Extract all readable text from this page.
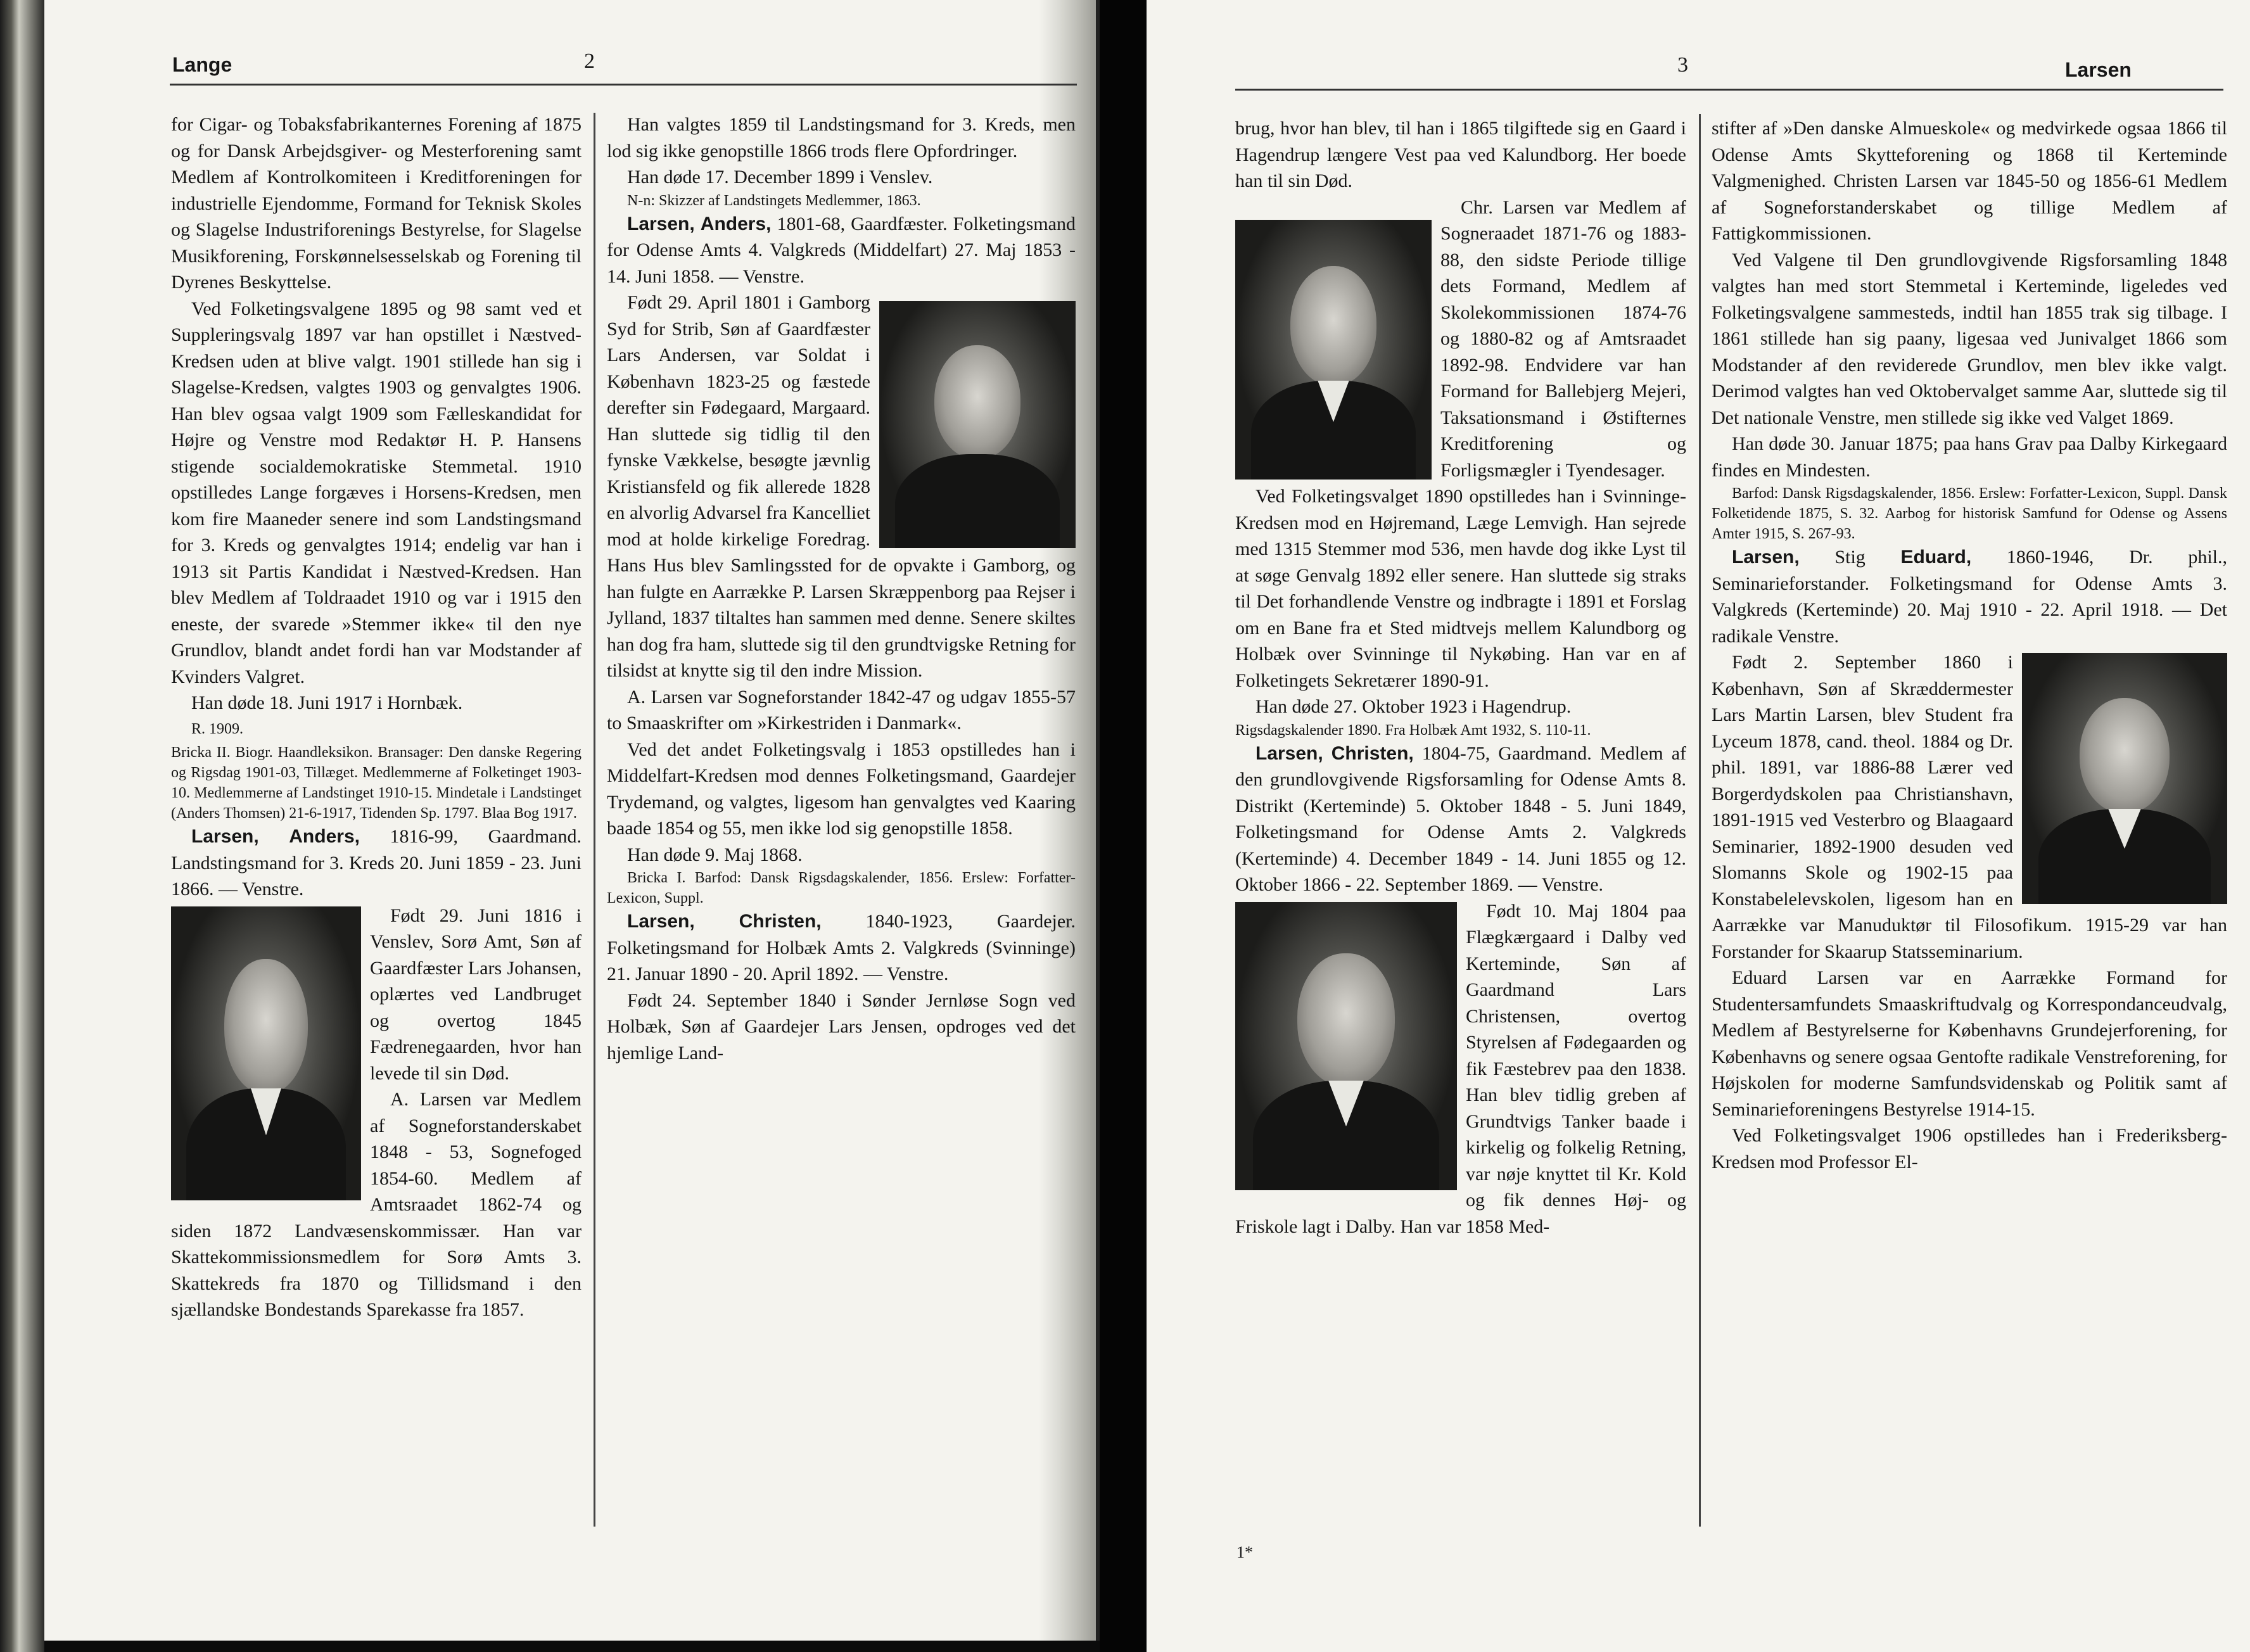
Lange	2

for Cigar- og Tobaksfabrikanternes Forening af 1875 og for Dansk Arbejdsgiver- og Mesterforening samt Medlem af Kontrolkomiteen i Kreditforeningen for industrielle Ejendomme, Formand for Teknisk Skoles og Slagelse Industriforenings Bestyrelse, for Slagelse Musikforening, Forskønnelsesselskab og Forening til Dyrenes Beskyttelse.

Ved Folketingsvalgene 1895 og 98 samt ved et Suppleringsvalg 1897 var han opstillet i Næstved-Kredsen uden at blive valgt. 1901 stillede han sig i Slagelse-Kredsen, valgtes 1903 og genvalgtes 1906. Han blev ogsaa valgt 1909 som Fælleskandidat for Højre og Venstre mod Redaktør H. P. Hansens stigende socialdemokratiske Stemmetal. 1910 opstilledes Lange forgæves i Horsens-Kredsen, men kom fire Maaneder senere ind som Landstingsmand for 3. Kreds og genvalgtes 1914; endelig var han i 1913 sit Partis Kandidat i Næstved-Kredsen. Han blev Medlem af Toldraadet 1910 og var i 1915 den eneste, der svarede »Stemmer ikke« til den nye Grundlov, blandt andet fordi han var Modstander af Kvinders Valgret.

Han døde 18. Juni 1917 i Hornbæk.

R. 1909.

Bricka II. Biogr. Haandleksikon. Bransager: Den danske Regering og Rigsdag 1901-03, Tillæget. Medlemmerne af Folketinget 1903-10. Medlemmerne af Landstinget 1910-15. Mindetale i Landstinget (Anders Thomsen) 21-6-1917, Tidenden Sp. 1797. Blaa Bog 1917.

Larsen, Anders, 1816-99, Gaardmand. Landstingsmand for 3. Kreds 20. Juni 1859 - 23. Juni 1866. — Venstre.

Født 29. Juni 1816 i Venslev, Sorø Amt, Søn af Gaardfæster Lars Johansen, oplærtes ved Landbruget og overtog 1845 Fædrenegaarden, hvor han levede til sin Død.

A. Larsen var Medlem af Sogneforstanderskabet 1848 - 53, Sognefoged 1854-60. Medlem af Amtsraadet 1862-74 og siden 1872 Landvæsenskommissær. Han var Skattekommissionsmedlem for Sorø Amts 3. Skattekreds fra 1870 og Tillidsmand i den sjællandske Bondestands Sparekasse fra 1857.

Han valgtes 1859 til Landstingsmand for 3. Kreds, men lod sig ikke genopstille 1866 trods flere Opfordringer.

Han døde 17. December 1899 i Venslev.

N-n: Skizzer af Landstingets Medlemmer, 1863.

Larsen, Anders, 1801-68, Gaardfæster. Folketingsmand for Odense Amts 4. Valgkreds (Middelfart) 27. Maj 1853 - 14. Juni 1858. — Venstre.

Født 29. April 1801 i Gamborg Syd for Strib, Søn af Gaardfæster Lars Andersen, var Soldat i København 1823-25 og fæstede derefter sin Fødegaard, Margaard. Han sluttede sig tidlig til den fynske Vækkelse, besøgte jævnlig Kristiansfeld og fik allerede 1828 en alvorlig Advarsel fra Kancelliet mod at holde kirkelige Foredrag. Hans Hus blev Samlingssted for de opvakte i Gamborg, og han fulgte en Aarrække P. Larsen Skræppenborg paa Rejser i Jylland, 1837 tiltaltes han sammen med denne. Senere skiltes han dog fra ham, sluttede sig til den grundtvigske Retning for tilsidst at knytte sig til den indre Mission.

A. Larsen var Sogneforstander 1842-47 og udgav 1855-57 to Smaaskrifter om »Kirkestriden i Danmark«.

Ved det andet Folketingsvalg i 1853 opstilledes han i Middelfart-Kredsen mod dennes Folketingsmand, Gaardejer Trydemand, og valgtes, ligesom han genvalgtes ved Kaaring baade 1854 og 55, men ikke lod sig genopstille 1858.

Han døde 9. Maj 1868.

Bricka I. Barfod: Dansk Rigsdagskalender, 1856. Erslew: Forfatter-Lexicon, Suppl.

Larsen, Christen, 1840-1923, Gaardejer. Folketingsmand for Holbæk Amts 2. Valgkreds (Svinninge) 21. Januar 1890 - 20. April 1892. — Venstre.

Født 24. September 1840 i Sønder Jernløse Sogn ved Holbæk, Søn af Gaardejer Lars Jensen, opdroges ved det hjemlige Land-

3	Larsen

brug, hvor han blev, til han i 1865 tilgiftede sig en Gaard i Hagendrup længere Vest paa ved Kalundborg. Her boede han til sin Død.

Chr. Larsen var Medlem af Sogneraadet 1871-76 og 1883-88, den sidste Periode tillige dets Formand, Medlem af Skolekommissionen 1874-76 og 1880-82 og af Amtsraadet 1892-98. Endvidere var han Formand for Ballebjerg Mejeri, Taksationsmand i Østifternes Kreditforening og Forligsmægler i Tyendesager.

Ved Folketingsvalget 1890 opstilledes han i Svinninge-Kredsen mod en Højremand, Læge Lemvigh. Han sejrede med 1315 Stemmer mod 536, men havde dog ikke Lyst til at søge Genvalg 1892 eller senere. Han sluttede sig straks til Det forhandlende Venstre og indbragte i 1891 et Forslag om en Bane fra et Sted midtvejs mellem Kalundborg og Holbæk over Svinninge til Nykøbing. Han var en af Folketingets Sekretærer 1890-91.

Han døde 27. Oktober 1923 i Hagendrup.

Rigsdagskalender 1890. Fra Holbæk Amt 1932, S. 110-11.

Larsen, Christen, 1804-75, Gaardmand. Medlem af den grundlovgivende Rigsforsamling for Odense Amts 8. Distrikt (Kerteminde) 5. Oktober 1848 - 5. Juni 1849, Folketingsmand for Odense Amts 2. Valgkreds (Kerteminde) 4. December 1849 - 14. Juni 1855 og 12. Oktober 1866 - 22. September 1869. — Venstre.

Født 10. Maj 1804 paa Flægkærgaard i Dalby ved Kerteminde, Søn af Gaardmand Lars Christensen, overtog Styrelsen af Fødegaarden og fik Fæstebrev paa den 1838. Han blev tidlig greben af Grundtvigs Tanker baade i kirkelig og folkelig Retning, var nøje knyttet til Kr. Kold og fik dennes Høj- og Friskole lagt i Dalby. Han var 1858 Med-

stifter af »Den danske Almueskole« og medvirkede ogsaa 1866 til Odense Amts Skytteforening og 1868 til Kerteminde Valgmenighed. Christen Larsen var 1845-50 og 1856-61 Medlem af Sogneforstanderskabet og tillige Medlem af Fattigkommissionen.

Ved Valgene til Den grundlovgivende Rigsforsamling 1848 valgtes han med stort Stemmetal i Kerteminde, ligeledes ved Folketingsvalgene sammesteds, indtil han 1855 trak sig tilbage. I 1861 stillede han sig paany, ligesaa ved Junivalget 1866 som Modstander af den reviderede Grundlov, men blev ikke valgt. Derimod valgtes han ved Oktobervalget samme Aar, sluttede sig til Det nationale Venstre, men stillede sig ikke ved Valget 1869.

Han døde 30. Januar 1875; paa hans Grav paa Dalby Kirkegaard findes en Mindesten.

Barfod: Dansk Rigsdagskalender, 1856. Erslew: Forfatter-Lexicon, Suppl. Dansk Folketidende 1875, S. 32. Aarbog for historisk Samfund for Odense og Assens Amter 1915, S. 267-93.

Larsen, Stig Eduard, 1860-1946, Dr. phil., Seminarieforstander. Folketingsmand for Odense Amts 3. Valgkreds (Kerteminde) 20. Maj 1910 - 22. April 1918. — Det radikale Venstre.

Født 2. September 1860 i København, Søn af Skræddermester Lars Martin Larsen, blev Student fra Lyceum 1878, cand. theol. 1884 og Dr. phil. 1891, var 1886-88 Lærer ved Borgerdydskolen paa Christianshavn, 1891-1915 ved Vesterbro og Blaagaard Seminarier, 1892-1900 desuden ved Slomanns Skole og 1902-15 paa Konstabelelevskolen, ligesom han en Aarrække var Manuduktør til Filosofikum. 1915-29 var han Forstander for Skaarup Statsseminarium.

Eduard Larsen var en Aarrække Formand for Studentersamfundets Smaaskriftudvalg og Korrespondanceudvalg, Medlem af Bestyrelserne for Københavns Grundejerforening, for Københavns og senere ogsaa Gentofte radikale Venstreforening, for Højskolen for moderne Samfundsvidenskab og Politik samt af Seminarieforeningens Bestyrelse 1914-15.

Ved Folketingsvalget 1906 opstilledes han i Frederiksberg-Kredsen mod Professor El-

1*
